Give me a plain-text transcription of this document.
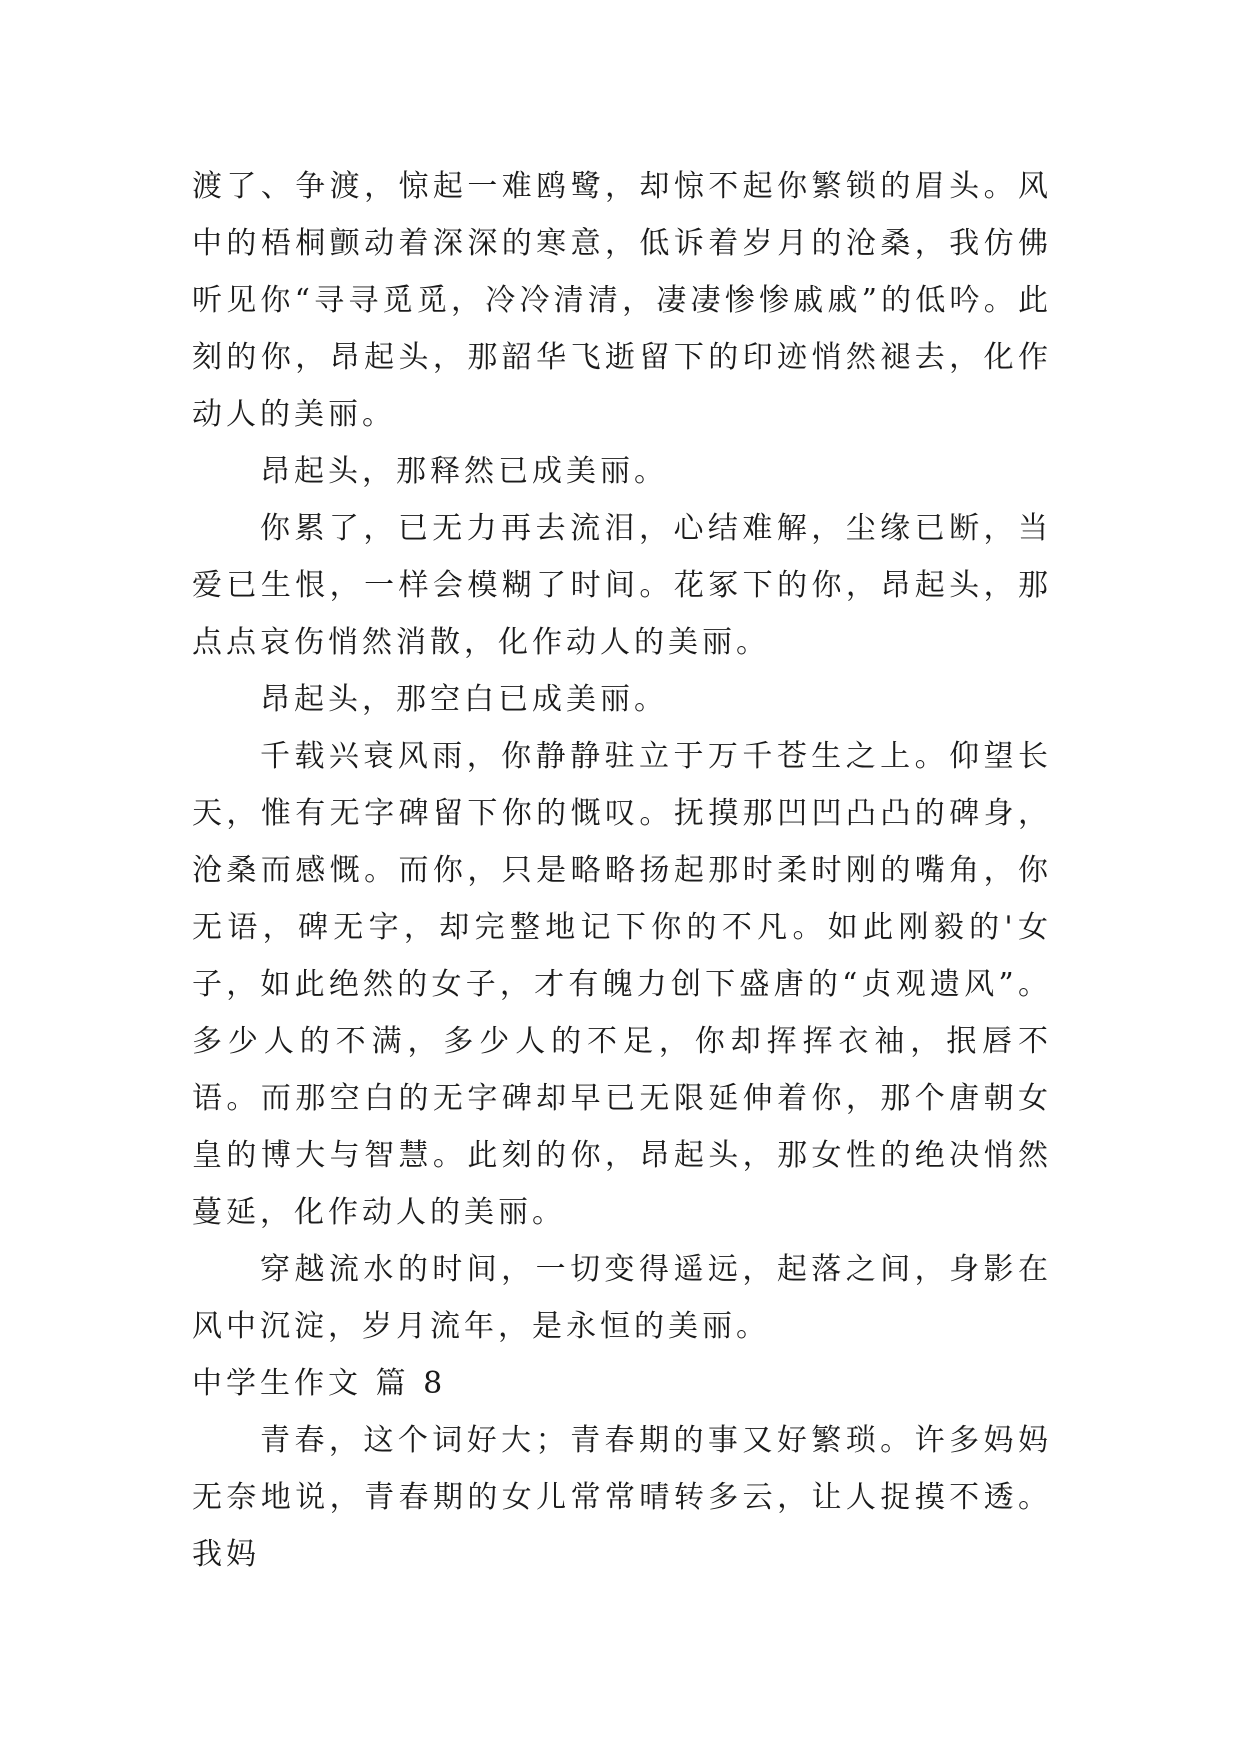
渡了、争渡，惊起一难鸥鹭，却惊不起你繁锁的眉头。风中的梧桐颤动着深深的寒意，低诉着岁月的沧桑，我仿佛听见你“寻寻觅觅，冷冷清清，凄凄惨惨戚戚”的低吟。此刻的你，昂起头，那韶华飞逝留下的印迹悄然褪去，化作动人的美丽。

昂起头，那释然已成美丽。

你累了，已无力再去流泪，心结难解，尘缘已断，当爱已生恨，一样会模糊了时间。花冢下的你，昂起头，那点点哀伤悄然消散，化作动人的美丽。

昂起头，那空白已成美丽。

千载兴衰风雨，你静静驻立于万千苍生之上。仰望长天，惟有无字碑留下你的慨叹。抚摸那凹凹凸凸的碑身，沧桑而感慨。而你，只是略略扬起那时柔时刚的嘴角，你无语，碑无字，却完整地记下你的不凡。如此刚毅的'女子，如此绝然的女子，才有魄力创下盛唐的“贞观遗风”。多少人的不满，多少人的不足，你却挥挥衣袖，抿唇不语。而那空白的无字碑却早已无限延伸着你，那个唐朝女皇的博大与智慧。此刻的你，昂起头，那女性的绝决悄然蔓延，化作动人的美丽。

穿越流水的时间，一切变得遥远，起落之间，身影在风中沉淀，岁月流年，是永恒的美丽。

中学生作文 篇 8

青春，这个词好大；青春期的事又好繁琐。许多妈妈无奈地说，青春期的女儿常常晴转多云，让人捉摸不透。我妈
